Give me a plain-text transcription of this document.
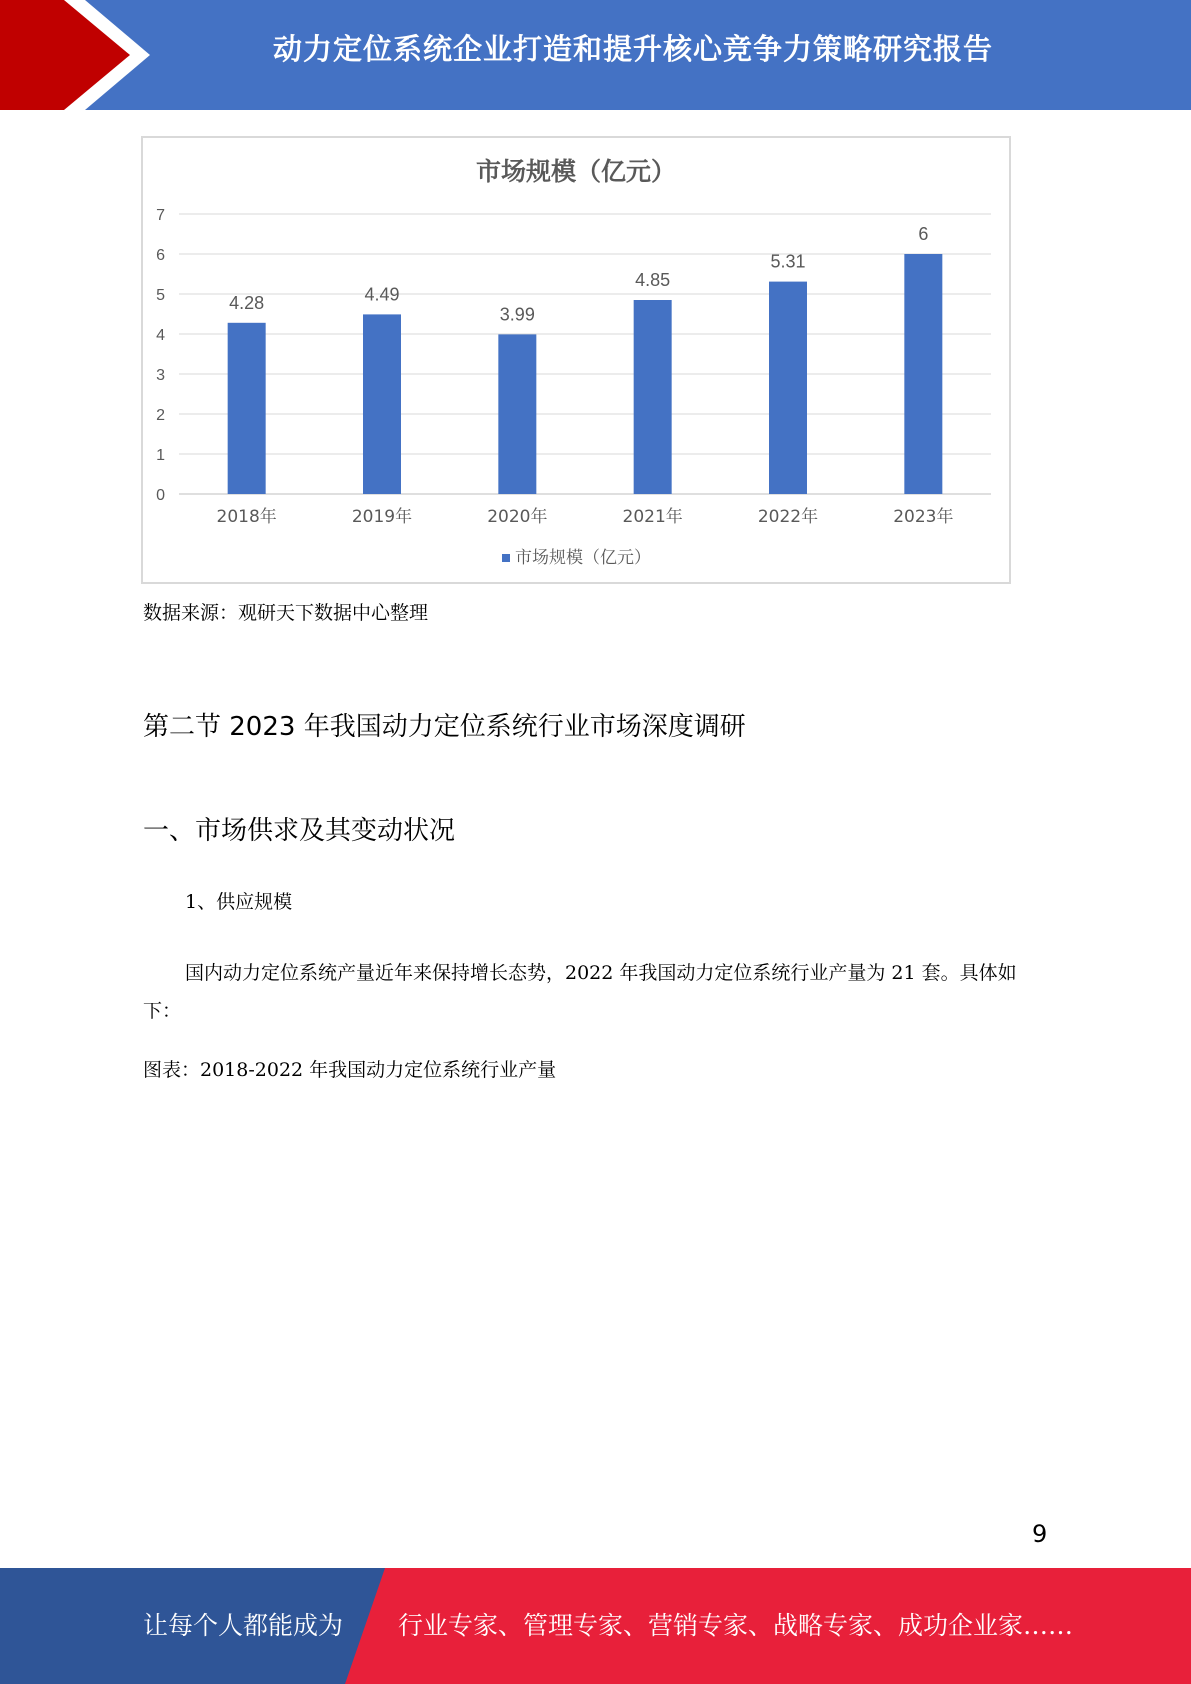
动力定位系统企业打造和提升核心竞争力策略研究报告
市场规模（亿元）
0
1
2
3
4
5
6
7
4.28
2018年
4.49
2019年
3.99
2020年
4.85
2021年
5.31
2022年
6
2023年
市场规模（亿元）
数据来源：观研天下数据中心整理
第二节 2023 年我国动力定位系统行业市场深度调研
一、市场供求及其变动状况
1、供应规模
国内动力定位系统产量近年来保持增长态势，2022 年我国动力定位系统行业产量为 21 套。具体如下：
图表：2018-2022 年我国动力定位系统行业产量
9
让每个人都能成为 行业专家、管理专家、营销专家、战略专家、成功企业家……
